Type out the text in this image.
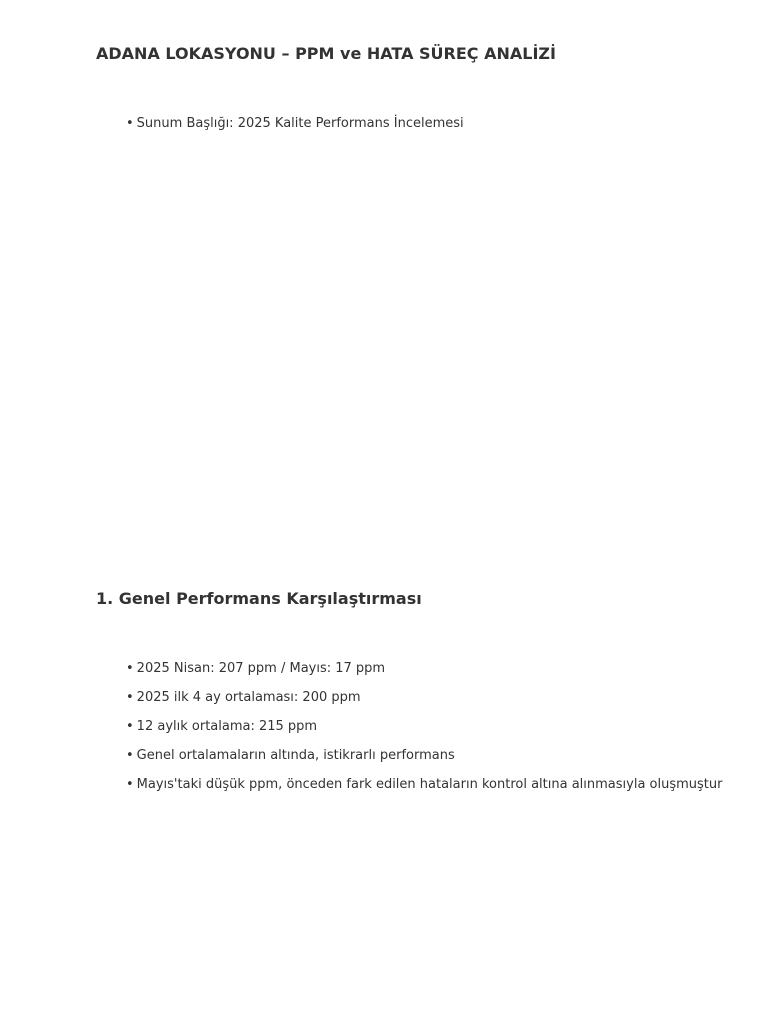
ADANA LOKASYONU – PPM ve HATA SÜREÇ ANALİZİ
• Sunum Başlığı: 2025 Kalite Performans İncelemesi
1. Genel Performans Karşılaştırması
• 2025 Nisan: 207 ppm / Mayıs: 17 ppm
• 2025 ilk 4 ay ortalaması: 200 ppm
• 12 aylık ortalama: 215 ppm
• Genel ortalamaların altında, istikrarlı performans
• Mayıs'taki düşük ppm, önceden fark edilen hataların kontrol altına alınmasıyla oluşmuştur
